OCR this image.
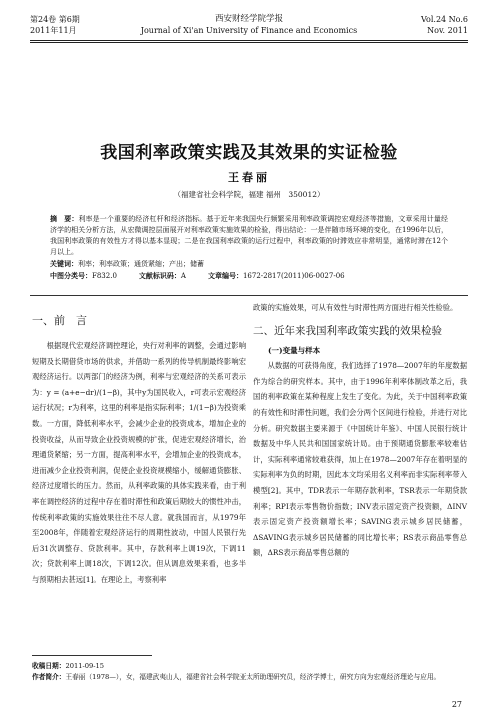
第24卷 第6期
2011年11月
西安财经学院学报
Journal of Xi'an University of Finance and Economics
Vol.24 No.6
Nov. 2011
我国利率政策实践及其效果的实证检验
王春丽
（福建省社会科学院，福建 福州　350012）
摘　要：利率是一个重要的经济杠杆和经济指标。基于近年来我国央行频繁采用利率政策调控宏观经济等措施，文章采用计量经济学的相关分析方法，从宏微调控层面展开对利率政策实施效果的检验，得出结论：一是伴随市场环境的变化，在1996年以后，我国利率政策的有效性方才得以基本显现；二是在我国利率政策的运行过程中，利率政策的时滞效应非常明显，通常时滞在12个月以上。
关键词：利率；利率政策；通货紧缩；产出；储蓄
中图分类号：F832.0	文献标识码：A	文章编号：1672-2817(2011)06-0027-06
一、前　言

根据现代宏观经济调控理论，央行对利率的调整，会通过影响短期及长期借贷市场的供求，并借助一系列的传导机制最终影响宏观经济运行。以两部门的经济为例，利率与宏观经济的关系可表示为：y = (a+e−dr)/(1−β)，其中y为国民收入，r可表示宏观经济运行状况；r为利率，这里的利率是指实际利率；1/(1−β)为投资乘数。一方面，降低利率水平，会减少企业的投资成本，增加企业的投资收益，从而导致企业投资规模的扩张，促进宏观经济增长，治理通货紧缩；另一方面，提高利率水平，会增加企业的投资成本，进而减少企业投资利润，促使企业投资规模缩小，缓解通货膨胀、经济过度增长的压力。然而，从利率政策的具体实践来看，由于利率在调控经济的过程中存在着时滞性和政策后期较大的惯性冲击，传统利率政策的实施效果往往不尽人意。就我国而言，从1979年至2008年，伴随着宏观经济运行的周期性波动，中国人民银行先后31次调整存、贷款利率。其中，存款利率上调19次，下调11次；贷款利率上调18次，下调12次。但从调息效果来看，也多半与预期相去甚远[1]。在理论上，考察利率

政策的实施效果，可从有效性与时滞性两方面进行相关性检验。

二、近年来我国利率政策实践的效果检验
(一)变量与样本

从数据的可获得角度，我们选择了1978—2007年的年度数据作为综合的研究样本。其中，由于1996年利率体制改革之后，我国的利率政策在某种程度上发生了变化。为此，关于中国利率政策的有效性和时滞性问题，我们会分两个区间进行检验，并进行对比分析。研究数据主要来源于《中国统计年鉴》、中国人民银行统计数据及中华人民共和国国家统计局。由于预期通货膨胀率较难估计，实际利率通常较难获得，加上在1978—2007年存在着明显的实际利率为负的时期，因此本文均采用名义利率而非实际利率带入模型[2]。其中，TDR表示一年期存款利率，TSR表示一年期贷款利率；RPI表示零售物价指数；INV表示固定资产投资额，ΔINV表示固定资产投资额增长率；SAVING表示城乡居民储蓄，ΔSAVING表示城乡居民储蓄的同比增长率；RS表示商品零售总额，ΔRS表示商品零售总额的

收稿日期：2011-09-15
作者简介：王春丽（1978—），女，福建武夷山人，福建省社会科学院亚太所助理研究员，经济学博士，研究方向为宏观经济理论与应用。
27
